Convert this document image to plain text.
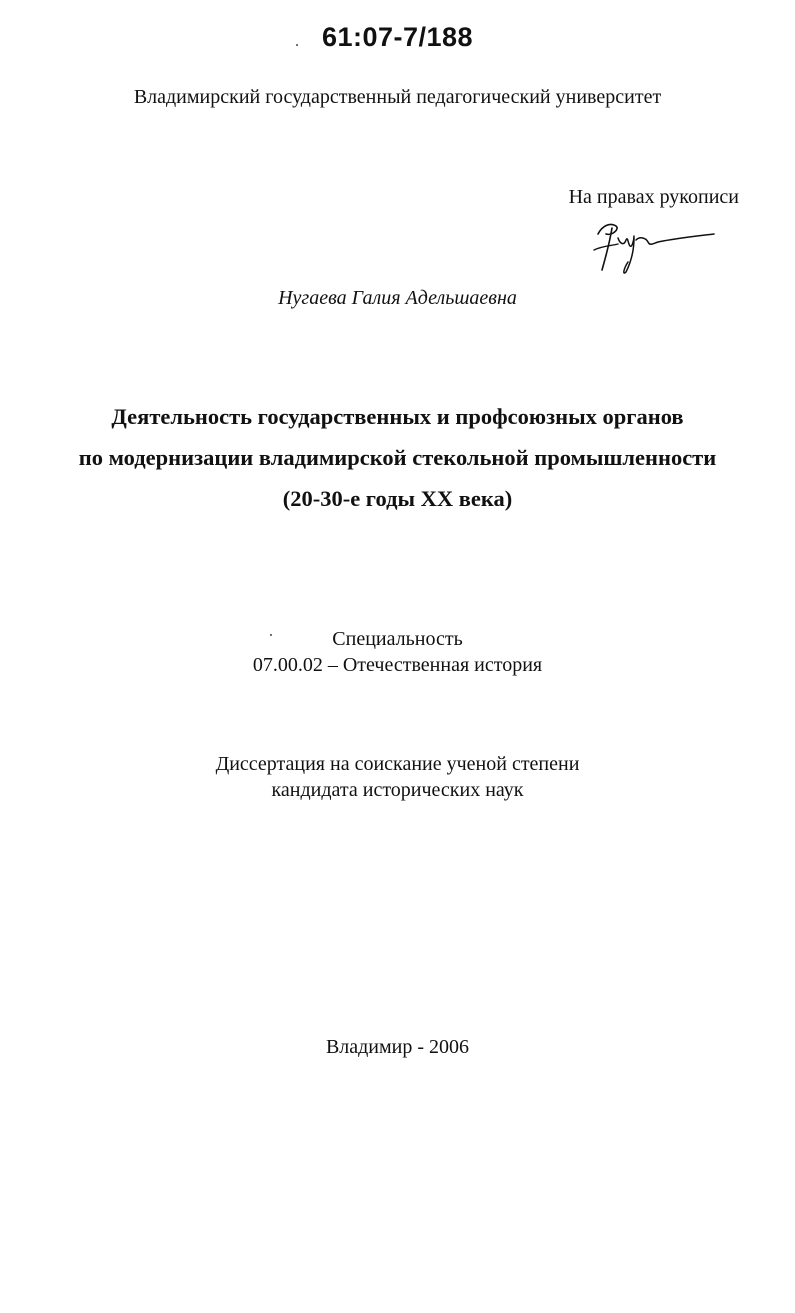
61:07-7/188
Владимирский государственный педагогический университет
На правах рукописи
Нугаева Галия Адельшаевна
Деятельность государственных и профсоюзных органов
по модернизации владимирской стекольной промышленности
(20-30-е годы XX века)
Специальность
07.00.02 – Отечественная история
Диссертация на соискание ученой степени
кандидата исторических наук
Владимир - 2006
